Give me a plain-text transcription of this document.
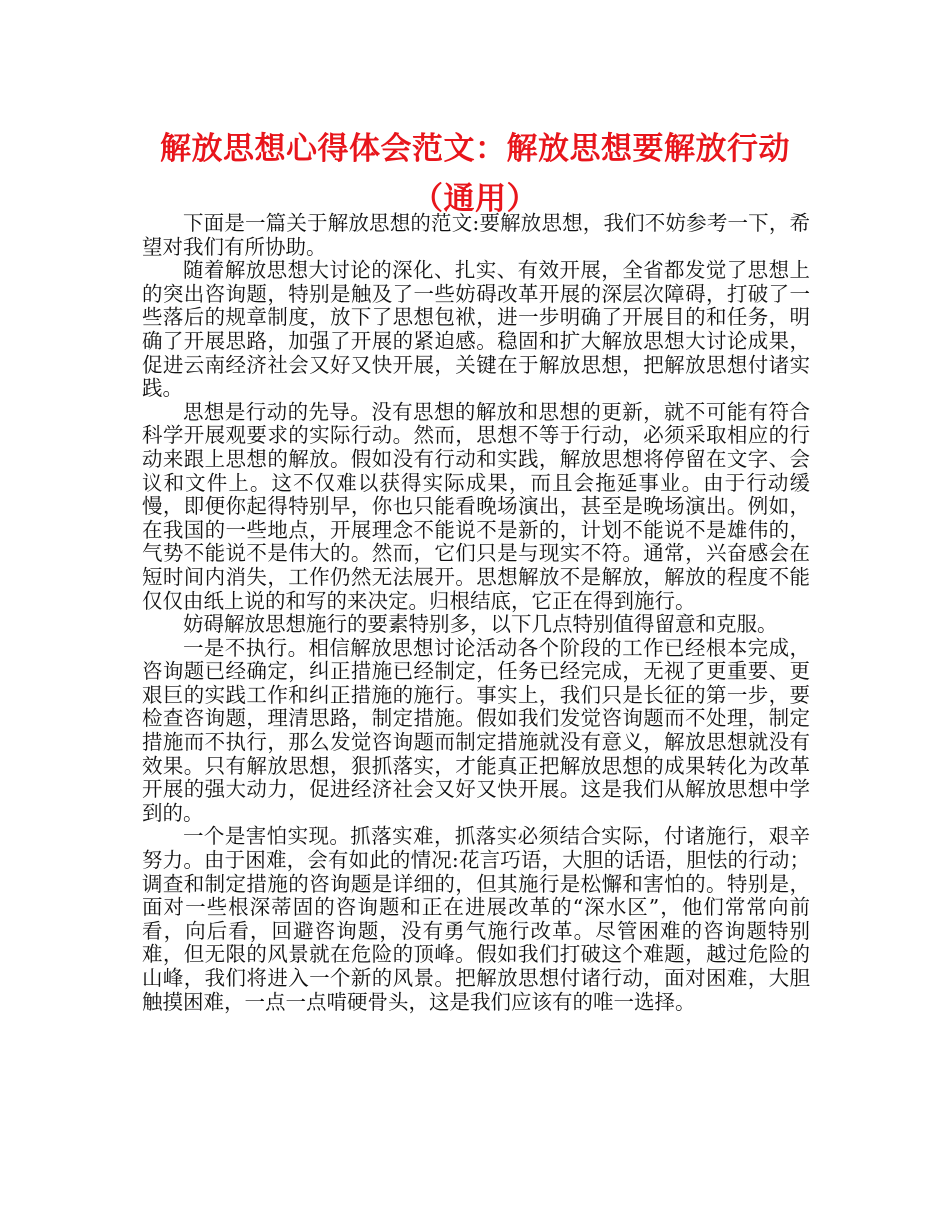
解放思想心得体会范文：解放思想要解放行动（通用）

下面是一篇关于解放思想的范文:要解放思想，我们不妨参考一下，希望对我们有所协助。

随着解放思想大讨论的深化、扎实、有效开展，全省都发觉了思想上的突出咨询题，特别是触及了一些妨碍改革开展的深层次障碍，打破了一些落后的规章制度，放下了思想包袱，进一步明确了开展目的和任务，明确了开展思路，加强了开展的紧迫感。稳固和扩大解放思想大讨论成果，促进云南经济社会又好又快开展，关键在于解放思想，把解放思想付诸实践。

思想是行动的先导。没有思想的解放和思想的更新，就不可能有符合科学开展观要求的实际行动。然而，思想不等于行动，必须采取相应的行动来跟上思想的解放。假如没有行动和实践，解放思想将停留在文字、会议和文件上。这不仅难以获得实际成果，而且会拖延事业。由于行动缓慢，即便你起得特别早，你也只能看晚场演出，甚至是晚场演出。例如，在我国的一些地点，开展理念不能说不是新的，计划不能说不是雄伟的，气势不能说不是伟大的。然而，它们只是与现实不符。通常，兴奋感会在短时间内消失，工作仍然无法展开。思想解放不是解放，解放的程度不能仅仅由纸上说的和写的来决定。归根结底，它正在得到施行。

妨碍解放思想施行的要素特别多，以下几点特别值得留意和克服。

一是不执行。相信解放思想讨论活动各个阶段的工作已经根本完成，咨询题已经确定，纠正措施已经制定，任务已经完成，无视了更重要、更艰巨的实践工作和纠正措施的施行。事实上，我们只是长征的第一步，要检查咨询题，理清思路，制定措施。假如我们发觉咨询题而不处理，制定措施而不执行，那么发觉咨询题而制定措施就没有意义，解放思想就没有效果。只有解放思想，狠抓落实，才能真正把解放思想的成果转化为改革开展的强大动力，促进经济社会又好又快开展。这是我们从解放思想中学到的。

一个是害怕实现。抓落实难，抓落实必须结合实际，付诸施行，艰辛努力。由于困难，会有如此的情况:花言巧语，大胆的话语，胆怯的行动；调查和制定措施的咨询题是详细的，但其施行是松懈和害怕的。特别是，面对一些根深蒂固的咨询题和正在进展改革的“深水区”，他们常常向前看，向后看，回避咨询题，没有勇气施行改革。尽管困难的咨询题特别难，但无限的风景就在危险的顶峰。假如我们打破这个难题，越过危险的山峰，我们将进入一个新的风景。把解放思想付诸行动，面对困难，大胆触摸困难，一点一点啃硬骨头，这是我们应该有的唯一选择。
